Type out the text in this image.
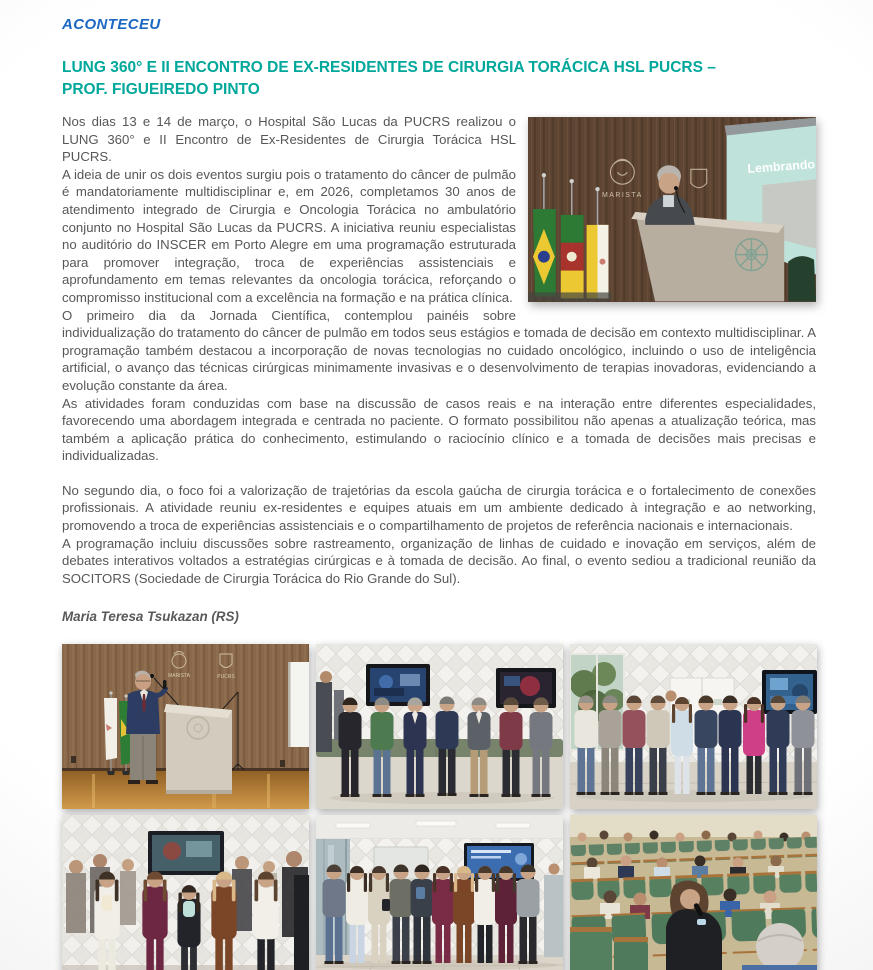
ACONTECEU
LUNG 360° E II ENCONTRO DE EX-RESIDENTES DE CIRURGIA TORÁCICA HSL PUCRS – PROF. FIGUEIREDO PINTO
MARISTA
Lembrando

Nos dias 13 e 14 de março, o Hospital São Lucas da PUCRS realizou o LUNG 360° e II Encontro de Ex-Residentes de Cirurgia Torácica HSL PUCRS.

A ideia de unir os dois eventos surgiu pois o tratamento do câncer de pulmão é mandatoriamente multidisciplinar e, em 2026, completamos 30 anos de atendimento integrado de Cirurgia e Oncologia Torácica no ambulatório conjunto no Hospital São Lucas da PUCRS. A iniciativa reuniu especialistas no auditório do INSCER em Porto Alegre em uma programação estruturada para promover integração, troca de experiências assistenciais e aprofundamento em temas relevantes da oncologia torácica, reforçando o compromisso institucional com a excelência na formação e na prática clínica.

O primeiro dia da Jornada Científica, contemplou painéis sobre individualização do tratamento do câncer de pulmão em todos seus estágios e tomada de decisão em contexto multidisciplinar. A programação também destacou a incorporação de novas tecnologias no cuidado oncológico, incluindo o uso de inteligência artificial, o avanço das técnicas cirúrgicas minimamente invasivas e o desenvolvimento de terapias inovadoras, evidenciando a evolução constante da área.

As atividades foram conduzidas com base na discussão de casos reais e na interação entre diferentes especialidades, favorecendo uma abordagem integrada e centrada no paciente. O formato possibilitou não apenas a atualização teórica, mas também a aplicação prática do conhecimento, estimulando o raciocínio clínico e a tomada de decisões mais precisas e individualizadas.

No segundo dia, o foco foi a valorização de trajetórias da escola gaúcha de cirurgia torácica e o fortalecimento de conexões profissionais. A atividade reuniu ex-residentes e equipes atuais em um ambiente dedicado à integração e ao networking, promovendo a troca de experiências assistenciais e o compartilhamento de projetos de referência nacionais e internacionais.

A programação incluiu discussões sobre rastreamento, organização de linhas de cuidado e inovação em serviços, além de debates interativos voltados a estratégias cirúrgicas e à tomada de decisão. Ao final, o evento sediou a tradicional reunião da SOCITORS (Sociedade de Cirurgia Torácica do Rio Grande do Sul).

Maria Teresa Tsukazan (RS)
MARISTA	PUCRS
